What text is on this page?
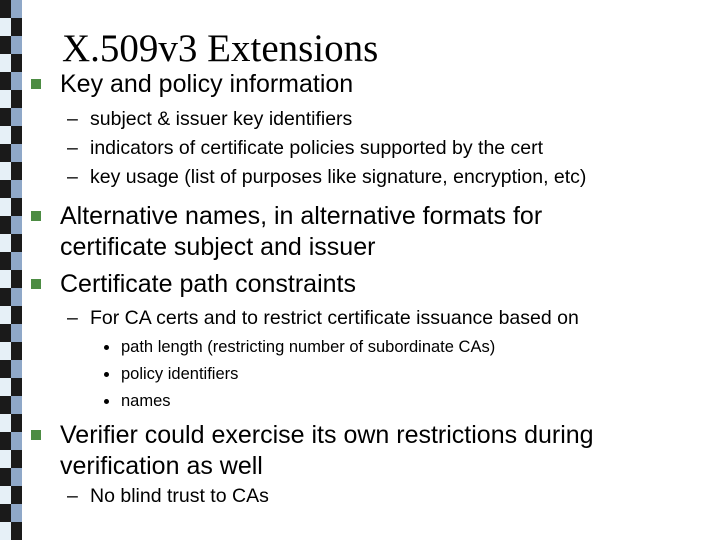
X.509v3 Extensions
Key and policy information
– subject & issuer key identifiers
– indicators of certificate policies supported by the cert
– key usage (list of purposes like signature, encryption, etc)
Alternative names, in alternative formats for
certificate subject and issuer
Certificate path constraints
– For CA certs and to restrict certificate issuance based on
path length (restricting number of subordinate CAs)
policy identifiers
names
Verifier could exercise its own restrictions during
verification as well
– No blind trust to CAs
